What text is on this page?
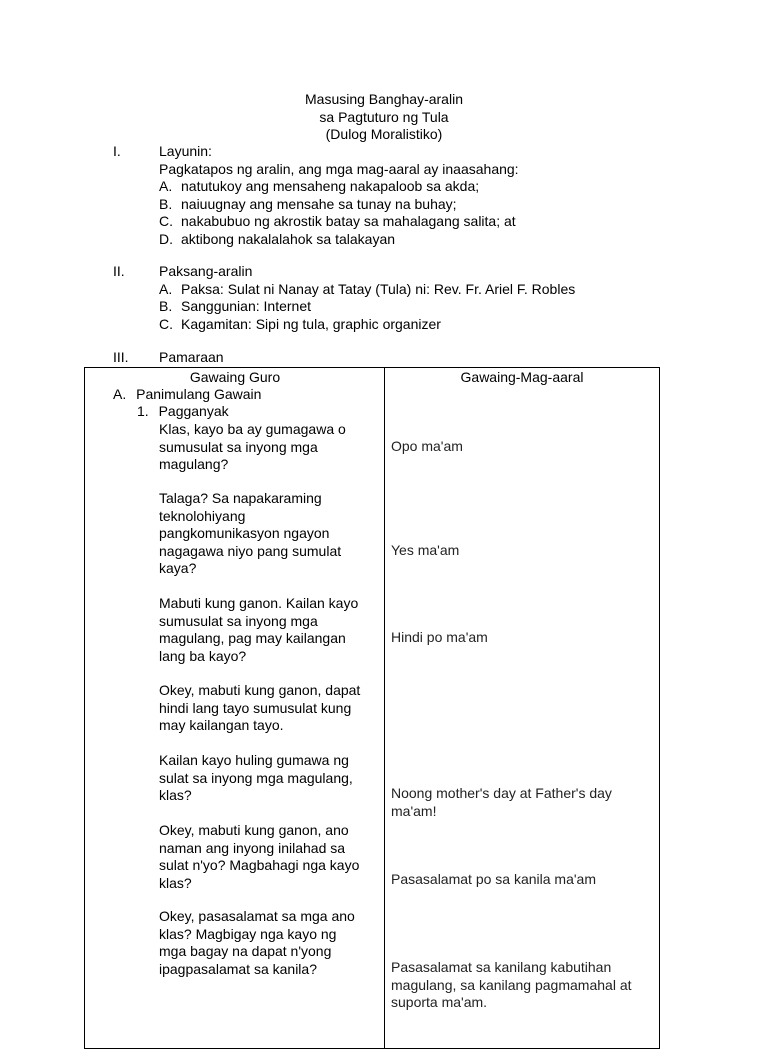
Masusing Banghay-aralin
sa Pagtuturo ng Tula
(Dulog Moralistiko)
I.	Layunin:
Pagkatapos ng aralin, ang mga mag-aaral ay inaasahang:
A. natutukoy ang mensaheng nakapaloob sa akda;
B. naiuugnay ang mensahe sa tunay na buhay;
C. nakabubuo ng akrostik batay sa mahalagang salita; at
D. aktibong nakalalahok sa talakayan
II. Paksang-aralin
A. Paksa: Sulat ni Nanay at Tatay (Tula) ni: Rev. Fr. Ariel F. Robles
B. Sanggunian: Internet
C. Kagamitan: Sipi ng tula, graphic organizer
III. Pamaraan
Gawaing Guro	Gawaing-Mag-aaral
A. Panimulang Gawain
1. Pagganyak
Klas, kayo ba ay gumagawa o
sumusulat sa inyong mga
magulang?
Talaga? Sa napakaraming
teknolohiyang
pangkomunikasyon ngayon
nagagawa niyo pang sumulat
kaya?
Mabuti kung ganon. Kailan kayo
sumusulat sa inyong mga
magulang, pag may kailangan
lang ba kayo?
Okey, mabuti kung ganon, dapat
hindi lang tayo sumusulat kung
may kailangan tayo.
Kailan kayo huling gumawa ng
sulat sa inyong mga magulang,
klas?
Okey, mabuti kung ganon, ano
naman ang inyong inilahad sa
sulat n'yo? Magbahagi nga kayo
klas?
Okey, pasasalamat sa mga ano
klas? Magbigay nga kayo ng
mga bagay na dapat n'yong
ipagpasalamat sa kanila?
Opo ma'am
Yes ma'am
Hindi po ma'am
Noong mother's day at Father's day
ma'am!
Pasasalamat po sa kanila ma'am
Pasasalamat sa kanilang kabutihan
magulang, sa kanilang pagmamahal at
suporta ma'am.
